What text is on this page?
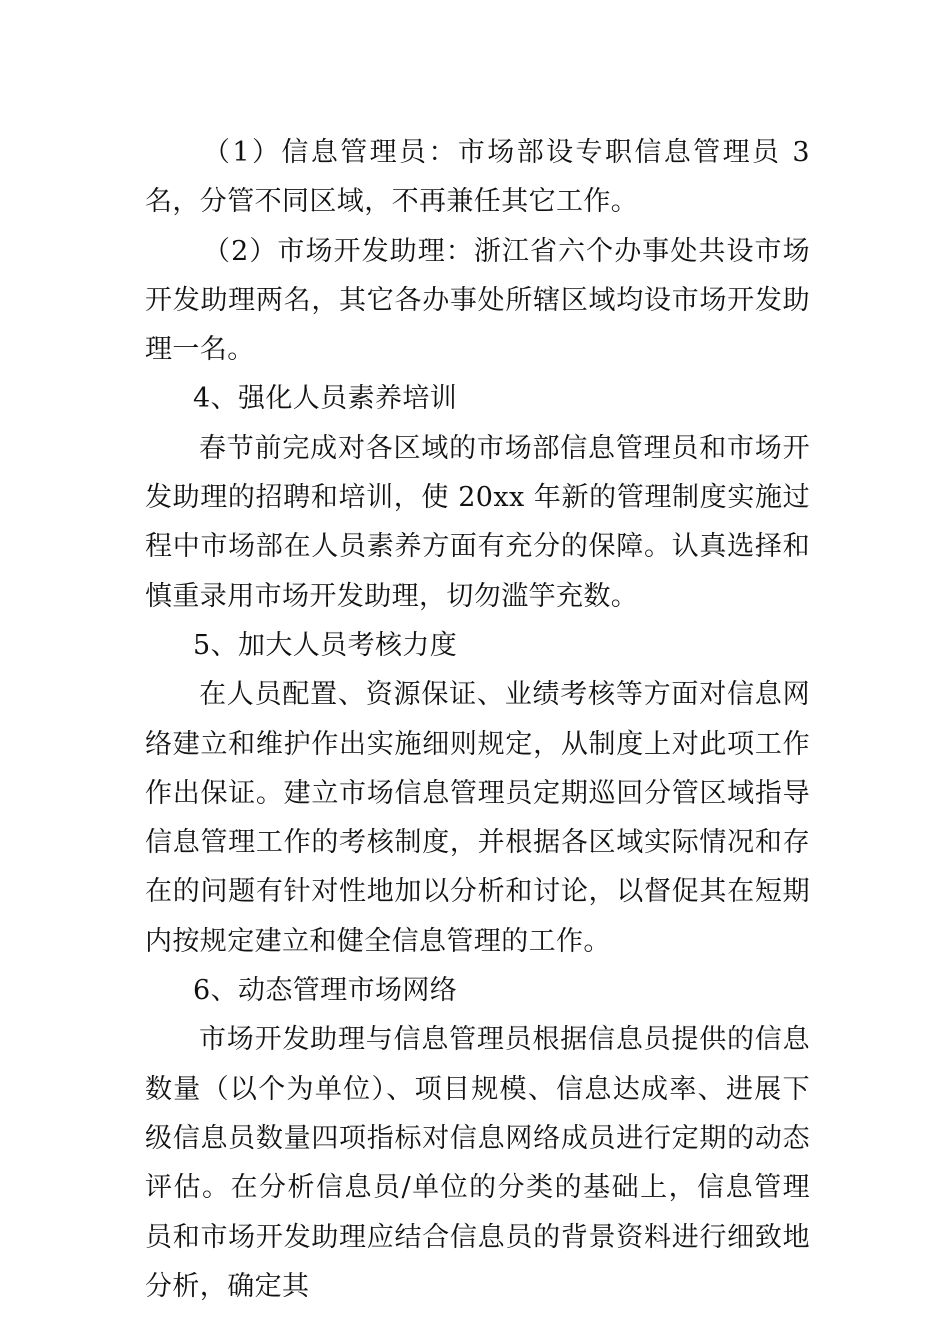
（1）信息管理员：市场部设专职信息管理员 3 名，分管不同区域，不再兼任其它工作。

（2）市场开发助理：浙江省六个办事处共设市场开发助理两名，其它各办事处所辖区域均设市场开发助理一名。

4、强化人员素养培训

春节前完成对各区域的市场部信息管理员和市场开发助理的招聘和培训，使 20xx 年新的管理制度实施过程中市场部在人员素养方面有充分的保障。认真选择和慎重录用市场开发助理，切勿滥竽充数。

5、加大人员考核力度

在人员配置、资源保证、业绩考核等方面对信息网络建立和维护作出实施细则规定，从制度上对此项工作作出保证。建立市场信息管理员定期巡回分管区域指导信息管理工作的考核制度，并根据各区域实际情况和存在的问题有针对性地加以分析和讨论，以督促其在短期内按规定建立和健全信息管理的工作。

6、动态管理市场网络

市场开发助理与信息管理员根据信息员提供的信息数量（以个为单位）、项目规模、信息达成率、进展下级信息员数量四项指标对信息网络成员进行定期的动态评估。在分析信息员/单位的分类的基础上，信息管理员和市场开发助理应结合信息员的背景资料进行细致地分析，确定其
